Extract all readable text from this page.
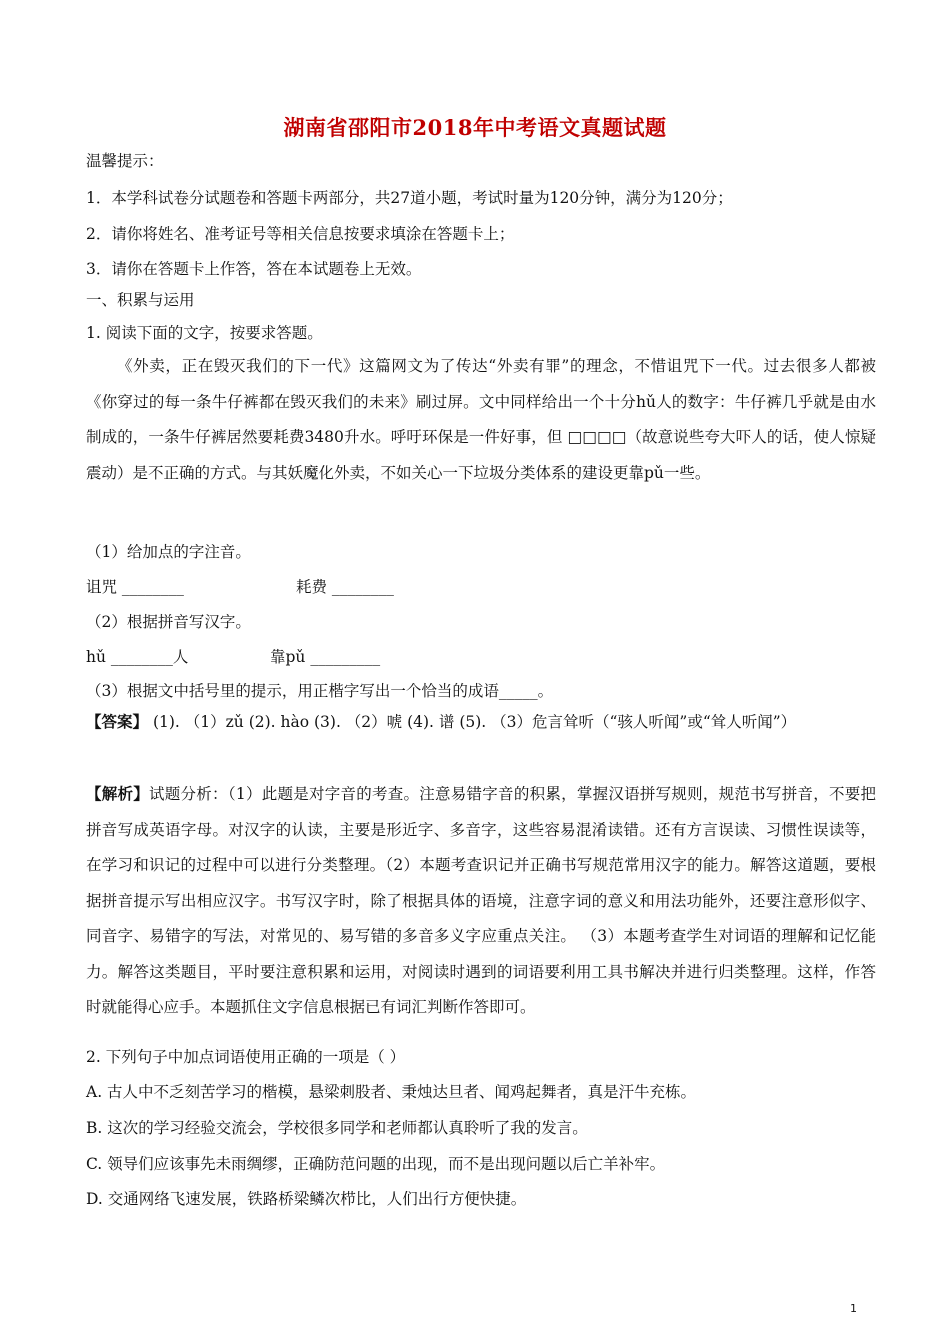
湖南省邵阳市2018年中考语文真题试题
温馨提示：
1．本学科试卷分试题卷和答题卡两部分，共27道小题，考试时量为120分钟，满分为120分；
2．请你将姓名、准考证号等相关信息按要求填涂在答题卡上；
3．请你在答题卡上作答，答在本试题卷上无效。
一、积累与运用
1. 阅读下面的文字，按要求答题。
《外卖，正在毁灭我们的下一代》这篇网文为了传达“外卖有罪”的理念，不惜诅咒下一代。过去很多人都被《你穿过的每一条牛仔裤都在毁灭我们的未来》刷过屏。文中同样给出一个十分hǔ人的数字：牛仔裤几乎就是由水制成的，一条牛仔裤居然要耗费3480升水。呼吁环保是一件好事，但 □□□□（故意说些夸大吓人的话，使人惊疑震动）是不正确的方式。与其妖魔化外卖，不如关心一下垃圾分类体系的建设更靠pǔ一些。
（1）给加点的字注音。
诅咒 ________	耗费 ________
（2）根据拼音写汉字。
hǔ ________人	靠pǔ _________
（3）根据文中括号里的提示，用正楷字写出一个恰当的成语_____。
【答案】 (1). （1）zǔ (2). hào (3). （2）唬 (4). 谱 (5). （3）危言耸听（“骇人听闻”或“耸人听闻”）
【解析】试题分析：（1）此题是对字音的考查。注意易错字音的积累，掌握汉语拼写规则，规范书写拼音，不要把拼音写成英语字母。对汉字的认读，主要是形近字、多音字，这些容易混淆读错。还有方言误读、习惯性误读等，在学习和识记的过程中可以进行分类整理。（2）本题考查识记并正确书写规范常用汉字的能力。解答这道题，要根据拼音提示写出相应汉字。书写汉字时，除了根据具体的语境，注意字词的意义和用法功能外，还要注意形似字、同音字、易错字的写法，对常见的、易写错的多音多义字应重点关注。 （3）本题考查学生对词语的理解和记忆能力。解答这类题目，平时要注意积累和运用，对阅读时遇到的词语要利用工具书解决并进行归类整理。这样，作答时就能得心应手。本题抓住文字信息根据已有词汇判断作答即可。
2. 下列句子中加点词语使用正确的一项是（ ）
A. 古人中不乏刻苦学习的楷模，悬梁刺股者、秉烛达旦者、闻鸡起舞者，真是汗牛充栋。
B. 这次的学习经验交流会，学校很多同学和老师都认真聆听了我的发言。
C. 领导们应该事先未雨绸缪，正确防范问题的出现，而不是出现问题以后亡羊补牢。
D. 交通网络飞速发展，铁路桥梁鳞次栉比，人们出行方便快捷。
1
